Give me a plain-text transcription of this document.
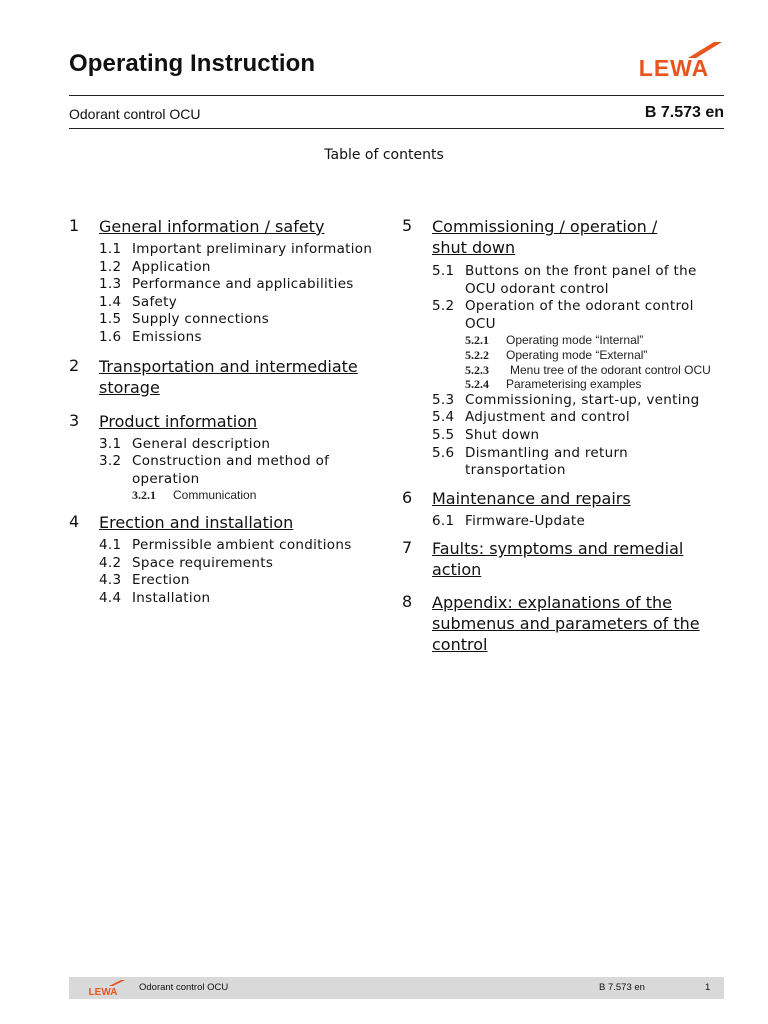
Operating Instruction	LEWA
Odorant control OCU	B 7.573 en
Table of contents
1 General information / safety
1.1 Important preliminary information
1.2 Application
1.3 Performance and applicabilities
1.4 Safety
1.5 Supply connections
1.6 Emissions
2 Transportation and intermediate storage
3 Product information
3.1 General description
3.2 Construction and method of operation
3.2.1 Communication
4 Erection and installation
4.1 Permissible ambient conditions
4.2 Space requirements
4.3 Erection
4.4 Installation
5 Commissioning / operation / shut down
5.1 Buttons on the front panel of the OCU odorant control
5.2 Operation of the odorant control OCU
5.2.1 Operating mode “Internal”
5.2.2 Operating mode “External”
5.2.3 Menu tree of the odorant control OCU
5.2.4 Parameterising examples
5.3 Commissioning, start-up, venting
5.4 Adjustment and control
5.5 Shut down
5.6 Dismantling and return transportation
6 Maintenance and repairs
6.1 Firmware-Update
7 Faults: symptoms and remedial action
8 Appendix: explanations of the submenus and parameters of the control
LEWA Odorant control OCU	B 7.573 en	1
